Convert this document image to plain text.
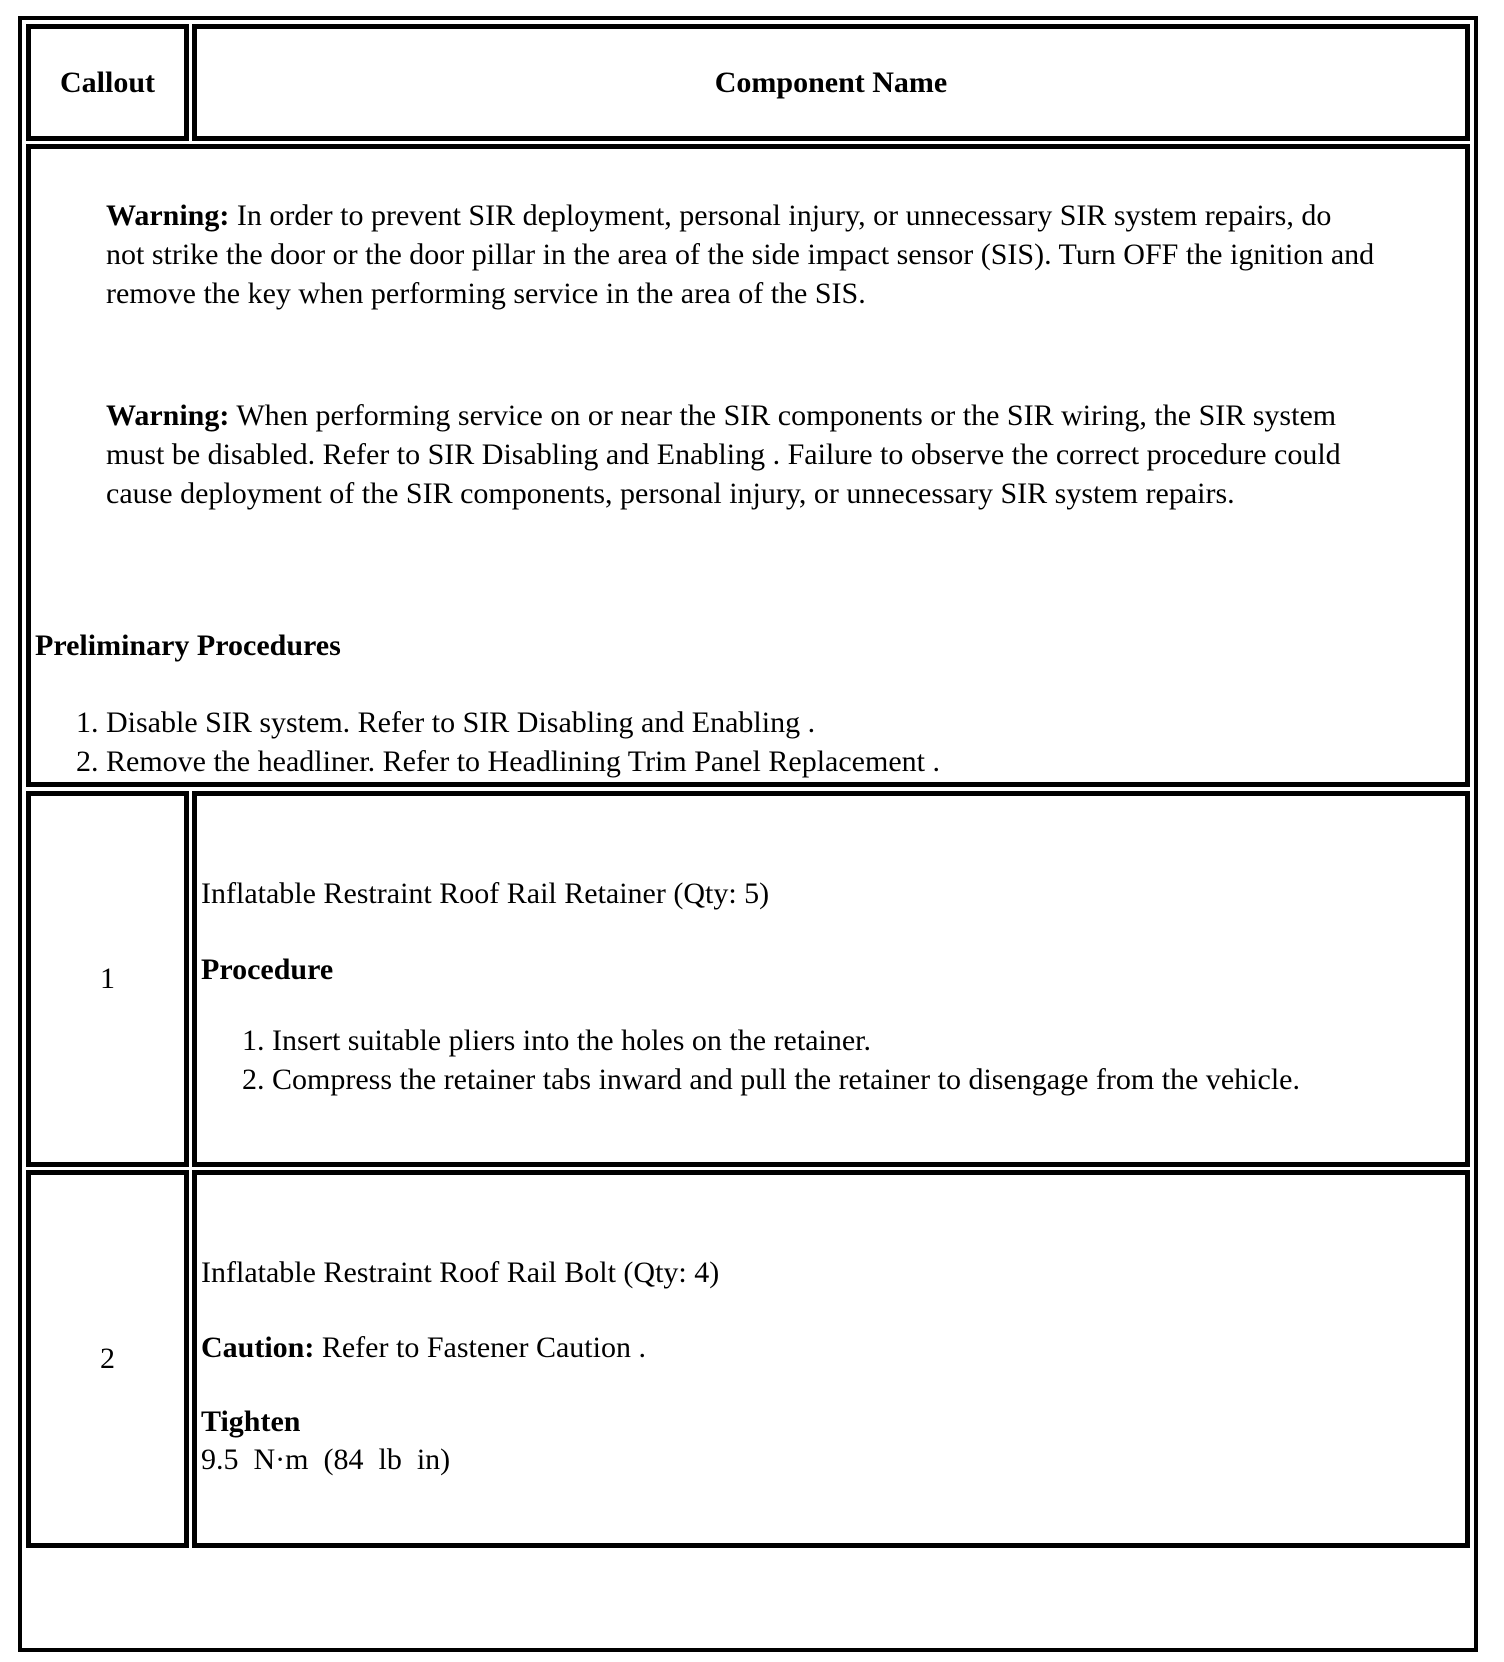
Callout	Component Name
Warning: In order to prevent SIR deployment, personal injury, or unnecessary SIR system repairs, do not strike the door or the door pillar in the area of the side impact sensor (SIS). Turn OFF the ignition and remove the key when performing service in the area of the SIS.
Warning: When performing service on or near the SIR components or the SIR wiring, the SIR system must be disabled. Refer to SIR Disabling and Enabling . Failure to observe the correct procedure could cause deployment of the SIR components, personal injury, or unnecessary SIR system repairs.
Preliminary Procedures
1. Disable SIR system. Refer to SIR Disabling and Enabling .
2. Remove the headliner. Refer to Headlining Trim Panel Replacement .
1
Inflatable Restraint Roof Rail Retainer (Qty: 5)
Procedure
1. Insert suitable pliers into the holes on the retainer.
2. Compress the retainer tabs inward and pull the retainer to disengage from the vehicle.
2
Inflatable Restraint Roof Rail Bolt (Qty: 4)
Caution: Refer to Fastener Caution .
Tighten
9.5  N·m  (84  lb  in)
